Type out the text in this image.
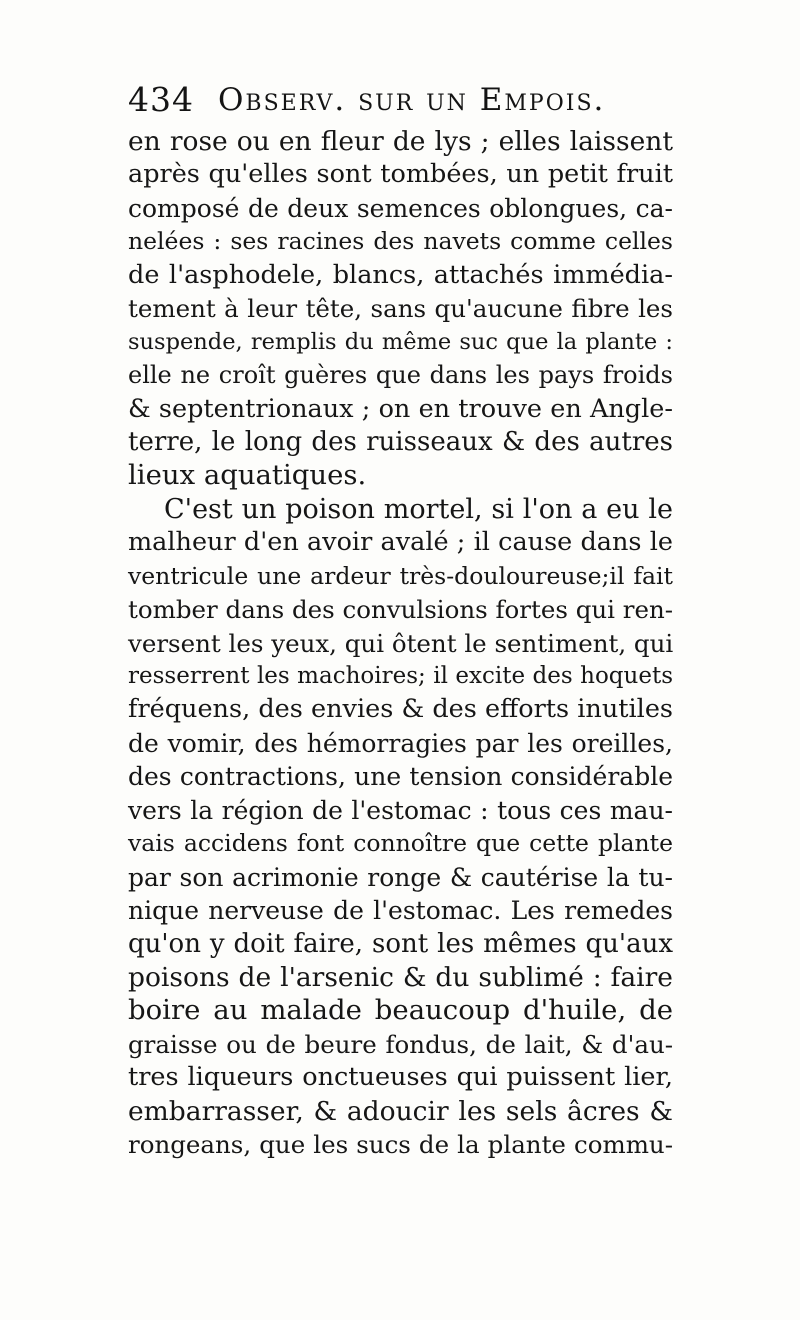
434 Observ. sur un Empois.
en rose ou en fleur de lys ; elles laissent
après qu'elles sont tombées, un petit fruit
composé de deux semences oblongues, ca-
nelées : ses racines des navets comme celles
de l'asphodele, blancs, attachés immédia-
tement à leur tête, sans qu'aucune fibre les
suspende, remplis du même suc que la plante :
elle ne croît guères que dans les pays froids
& septentrionaux ; on en trouve en Angle-
terre, le long des ruisseaux & des autres
lieux aquatiques.
C'est un poison mortel, si l'on a eu le
malheur d'en avoir avalé ; il cause dans le
ventricule une ardeur très-douloureuse;il fait
tomber dans des convulsions fortes qui ren-
versent les yeux, qui ôtent le sentiment, qui
resserrent les machoires; il excite des hoquets
fréquens, des envies & des efforts inutiles
de vomir, des hémorragies par les oreilles,
des contractions, une tension considérable
vers la région de l'estomac : tous ces mau-
vais accidens font connoître que cette plante
par son acrimonie ronge & cautérise la tu-
nique nerveuse de l'estomac. Les remedes
qu'on y doit faire, sont les mêmes qu'aux
poisons de l'arsenic & du sublimé : faire
boire au malade beaucoup d'huile, de
graisse ou de beure fondus, de lait, & d'au-
tres liqueurs onctueuses qui puissent lier,
embarrasser, & adoucir les sels âcres &
rongeans, que les sucs de la plante commu-
